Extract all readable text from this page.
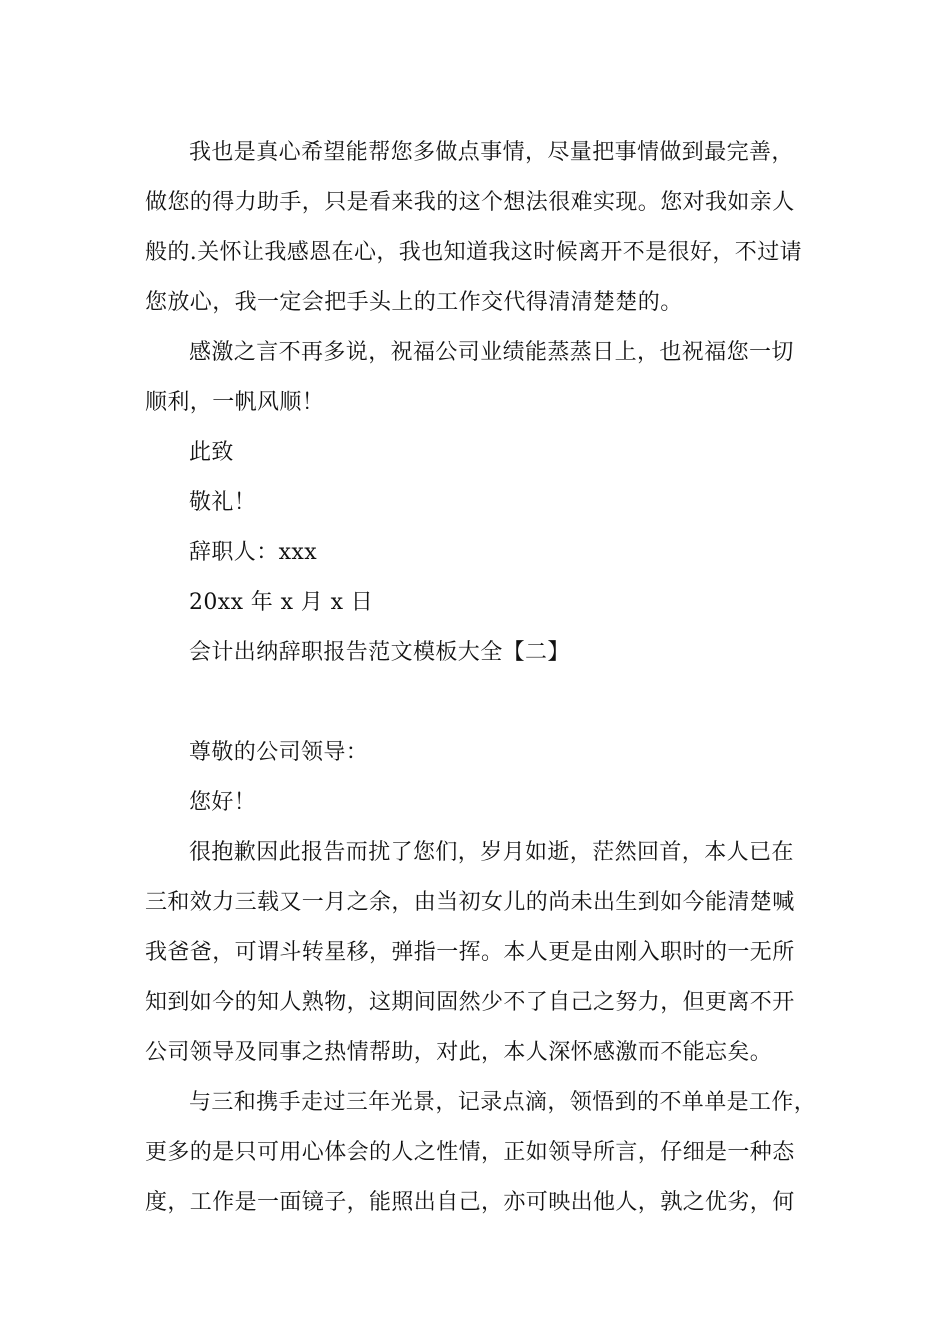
我也是真心希望能帮您多做点事情，尽量把事情做到最完善，
做您的得力助手，只是看来我的这个想法很难实现。您对我如亲人
般的.关怀让我感恩在心，我也知道我这时候离开不是很好，不过请
您放心，我一定会把手头上的工作交代得清清楚楚的。

感激之言不再多说，祝福公司业绩能蒸蒸日上，也祝福您一切
顺利，一帆风顺！

此致

敬礼！

辞职人：xxx

20xx 年 x 月 x 日

会计出纳辞职报告范文模板大全【二】

尊敬的公司领导：

您好！

很抱歉因此报告而扰了您们，岁月如逝，茫然回首，本人已在
三和效力三载又一月之余，由当初女儿的尚未出生到如今能清楚喊
我爸爸，可谓斗转星移，弹指一挥。本人更是由刚入职时的一无所
知到如今的知人熟物，这期间固然少不了自己之努力，但更离不开
公司领导及同事之热情帮助，对此，本人深怀感激而不能忘矣。

与三和携手走过三年光景，记录点滴，领悟到的不单单是工作，
更多的是只可用心体会的人之性情，正如领导所言，仔细是一种态
度，工作是一面镜子，能照出自己，亦可映出他人，孰之优劣，何
